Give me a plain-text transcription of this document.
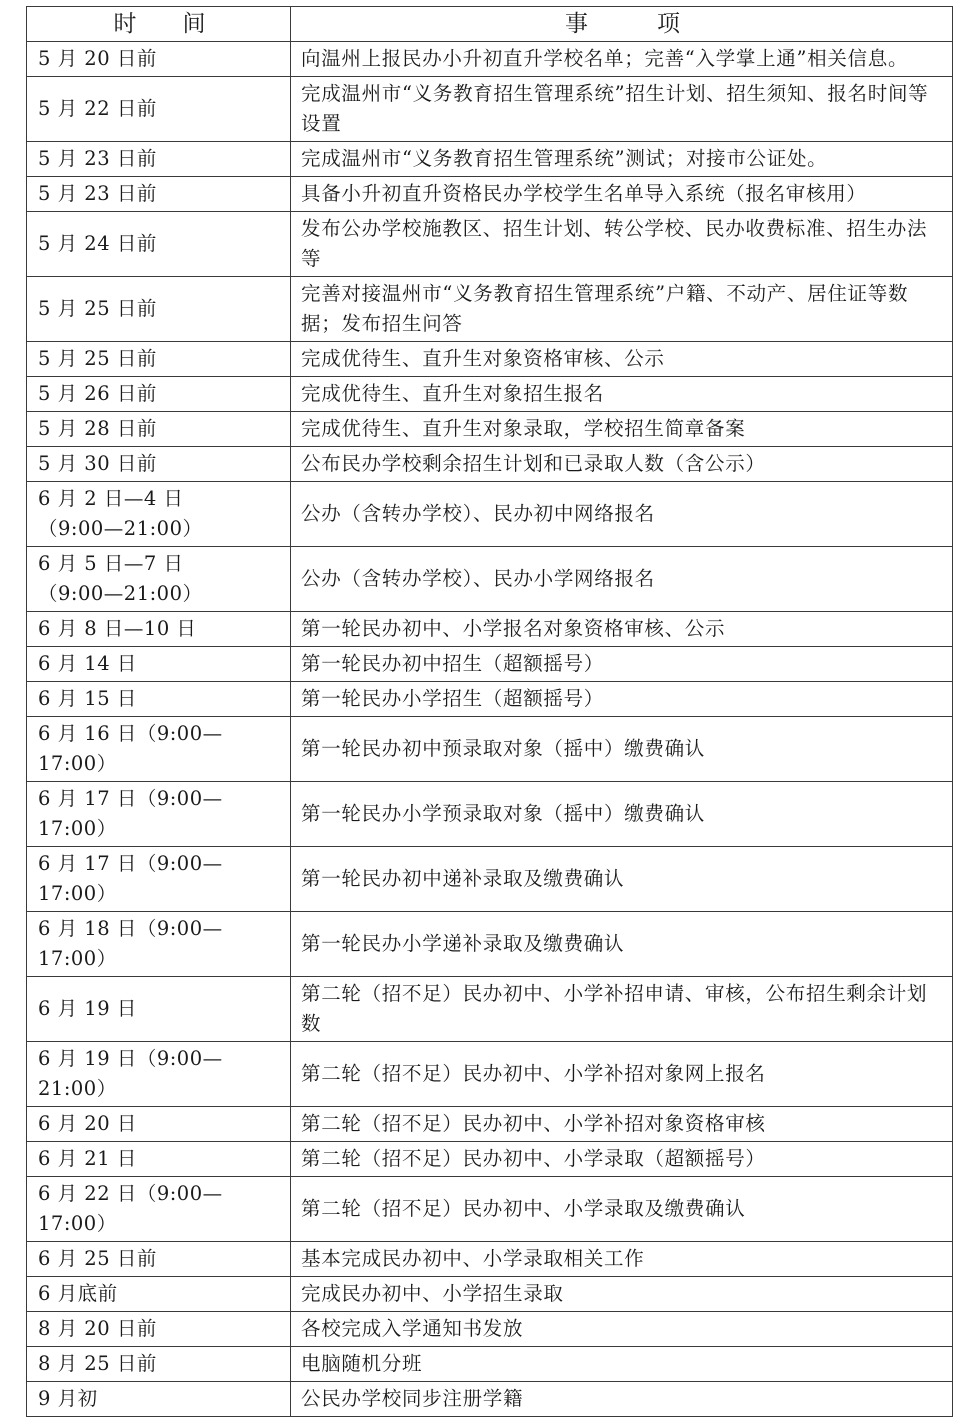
时　　间	事　　　项

5 月 20 日前	向温州上报民办小升初直升学校名单；完善“入学掌上通”相关信息。

5 月 22 日前	完成温州市“义务教育招生管理系统”招生计划、招生须知、报名时间等设置

5 月 23 日前	完成温州市“义务教育招生管理系统”测试；对接市公证处。

5 月 23 日前	具备小升初直升资格民办学校学生名单导入系统（报名审核用）

5 月 24 日前	发布公办学校施教区、招生计划、转公学校、民办收费标准、招生办法等

5 月 25 日前	完善对接温州市“义务教育招生管理系统”户籍、不动产、居住证等数据；发布招生问答

5 月 25 日前	完成优待生、直升生对象资格审核、公示

5 月 26 日前	完成优待生、直升生对象招生报名

5 月 28 日前	完成优待生、直升生对象录取，学校招生简章备案

5 月 30 日前	公布民办学校剩余招生计划和已录取人数（含公示）

6 月 2 日—4 日
（9:00—21:00）	公办（含转办学校）、民办初中网络报名

6 月 5 日—7 日
（9:00—21:00）	公办（含转办学校）、民办小学网络报名

6 月 8 日—10 日	第一轮民办初中、小学报名对象资格审核、公示

6 月 14 日	第一轮民办初中招生（超额摇号）

6 月 15 日	第一轮民办小学招生（超额摇号）

6 月 16 日（9:00—17:00）	第一轮民办初中预录取对象（摇中）缴费确认

6 月 17 日（9:00—17:00）	第一轮民办小学预录取对象（摇中）缴费确认

6 月 17 日（9:00—17:00）	第一轮民办初中递补录取及缴费确认

6 月 18 日（9:00—17:00）	第一轮民办小学递补录取及缴费确认

6 月 19 日	第二轮（招不足）民办初中、小学补招申请、审核，公布招生剩余计划数

6 月 19 日（9:00—21:00）	第二轮（招不足）民办初中、小学补招对象网上报名

6 月 20 日	第二轮（招不足）民办初中、小学补招对象资格审核

6 月 21 日	第二轮（招不足）民办初中、小学录取（超额摇号）

6 月 22 日（9:00—17:00）	第二轮（招不足）民办初中、小学录取及缴费确认

6 月 25 日前	基本完成民办初中、小学录取相关工作

6 月底前	完成民办初中、小学招生录取

8 月 20 日前	各校完成入学通知书发放

8 月 25 日前	电脑随机分班

9 月初	公民办学校同步注册学籍
